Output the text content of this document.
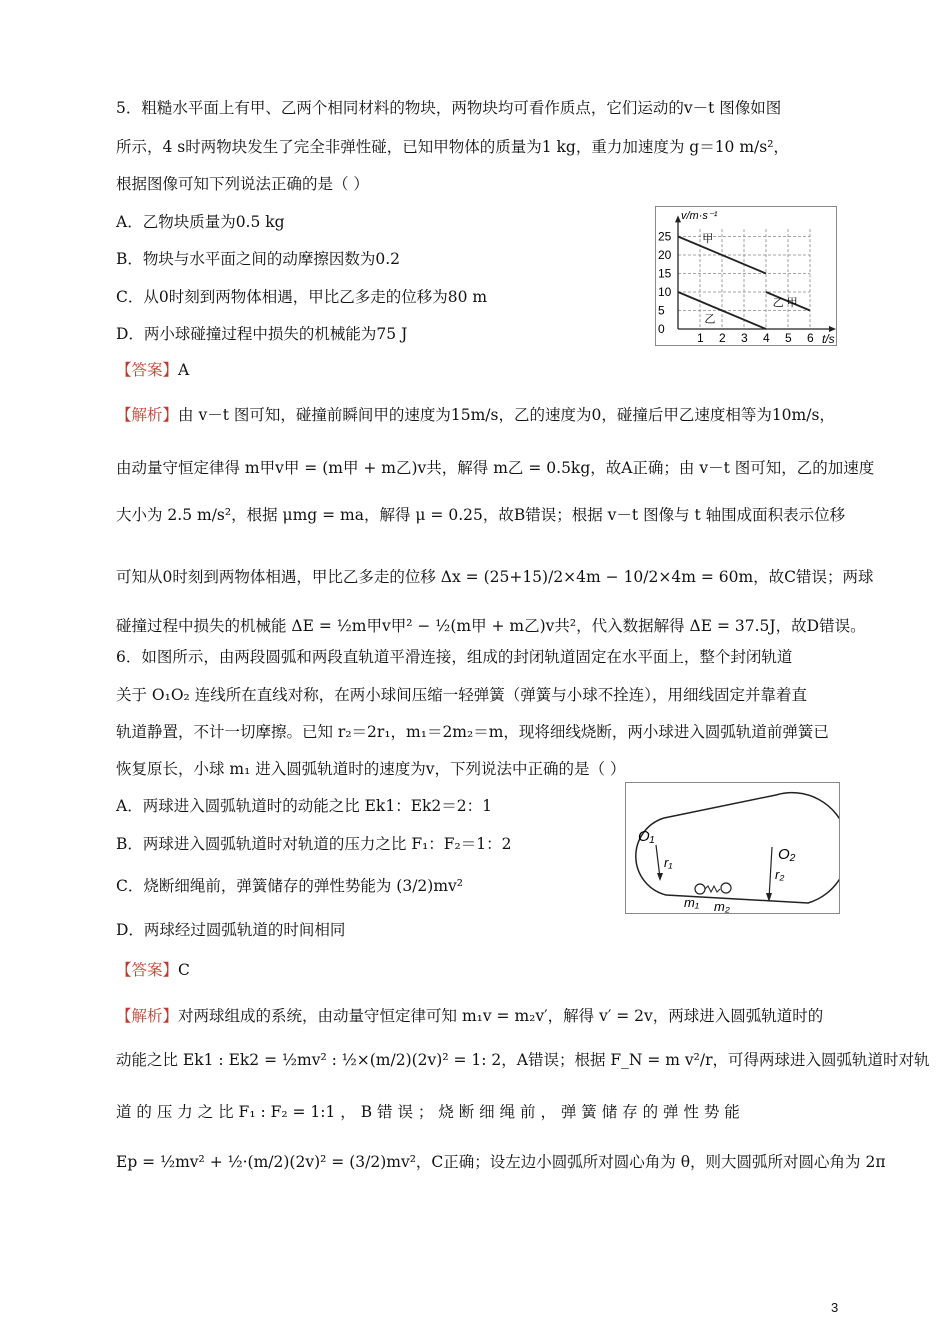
5．粗糙水平面上有甲、乙两个相同材料的物块，两物块均可看作质点，它们运动的v－t 图像如图
所示，4 s时两物块发生了完全非弹性碰，已知甲物体的质量为1 kg，重力加速度为 g＝10 m/s²，
根据图像可知下列说法正确的是（ ）
A．乙物块质量为0.5 kg
B．物块与水平面之间的动摩擦因数为0.2
C．从0时刻到两物体相遇，甲比乙多走的位移为80 m
D．两小球碰撞过程中损失的机械能为75 J	1 2 3 4 5 6
0
5
10
15
20
25
t/s
v/m·s⁻¹
甲
乙
乙 甲
【答案】A
【解析】由 v－t 图可知，碰撞前瞬间甲的速度为15m/s，乙的速度为0，碰撞后甲乙速度相等为10m/s，
由动量守恒定律得 m甲v甲 = (m甲 + m乙)v共，解得 m乙 = 0.5kg，故A正确；由 v－t 图可知，乙的加速度
大小为 2.5 m/s²，根据 μmg = ma，解得 μ = 0.25，故B错误；根据 v－t 图像与 t 轴围成面积表示位移
可知从0时刻到两物体相遇，甲比乙多走的位移 Δx = (25+15)/2×4m − 10/2×4m = 60m，故C错误；两球
碰撞过程中损失的机械能 ΔE = ½m甲v甲² − ½(m甲 + m乙)v共²，代入数据解得 ΔE = 37.5J，故D错误。
6．如图所示，由两段圆弧和两段直轨道平滑连接，组成的封闭轨道固定在水平面上，整个封闭轨道
关于 O₁O₂ 连线所在直线对称，在两小球间压缩一轻弹簧（弹簧与小球不拴连），用细线固定并靠着直
轨道静置，不计一切摩擦。已知 r₂＝2r₁，m₁＝2m₂＝m，现将细线烧断，两小球进入圆弧轨道前弹簧已
恢复原长，小球 m₁ 进入圆弧轨道时的速度为v，下列说法中正确的是（ ）
A．两球进入圆弧轨道时的动能之比 Ek1：Ek2＝2：1
B．两球进入圆弧轨道时对轨道的压力之比 F₁：F₂＝1：2
C．烧断细绳前，弹簧储存的弹性势能为 (3/2)mv²
D．两球经过圆弧轨道的时间相同
O₁
r₁	O₂
r₂
m₁ m₂
【答案】C
【解析】对两球组成的系统，由动量守恒定律可知 m₁v = m₂v′，解得 v′ = 2v，两球进入圆弧轨道时的
动能之比 Ek1 : Ek2 = ½mv² : ½×(m/2)(2v)² = 1: 2，A错误；根据 F_N = m v²/r，可得两球进入圆弧轨道时对轨
道 的 压 力 之 比 F₁ : F₂ = 1:1 ， B 错 误 ； 烧 断 细 绳 前 ， 弹 簧 储 存 的 弹 性 势 能
Ep = ½mv² + ½·(m/2)(2v)² = (3/2)mv²，C正确；设左边小圆弧所对圆心角为 θ，则大圆弧所对圆心角为 2π
3
